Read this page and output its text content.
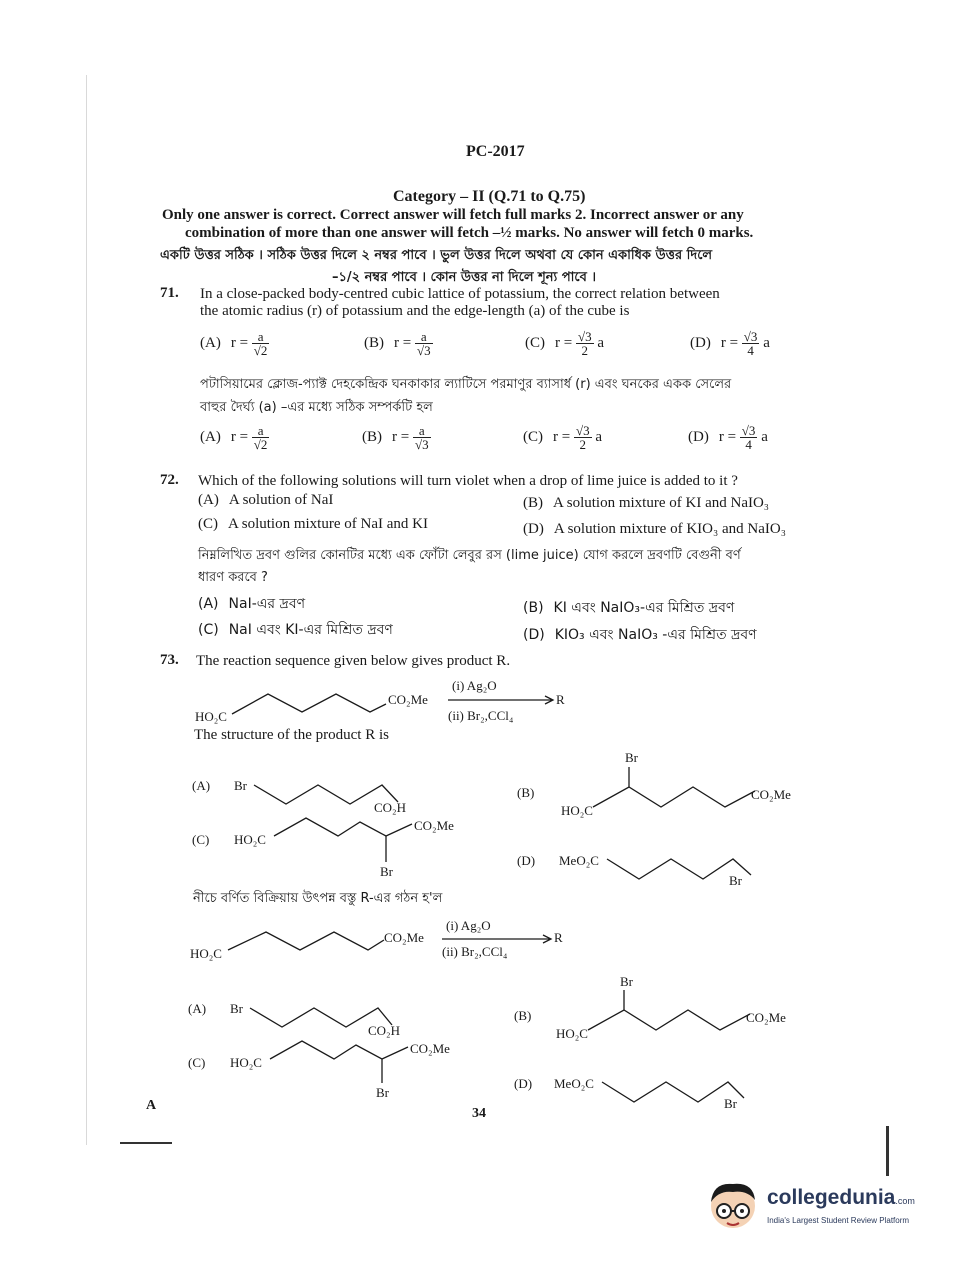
PC-2017
Category – II (Q.71 to Q.75)
Only one answer is correct. Correct answer will fetch full marks 2. Incorrect answer or any
combination of more than one answer will fetch –½ marks. No answer will fetch 0 marks.
একটি উত্তর সঠিক । সঠিক উত্তর দিলে ২ নম্বর পাবে । ভুল উত্তর দিলে অথবা যে কোন একাধিক উত্তর দিলে
–১/২ নম্বর পাবে । কোন উত্তর না দিলে শূন্য পাবে ।
71. In a close-packed body-centred cubic lattice of potassium, the correct relation between
the atomic radius (r) of potassium and the edge-length (a) of the cube is
(A) $r = \frac{a}{√2}$	(B) $r = \frac{a}{√3}$	(C) $r = \frac{√3}{2}$ a	(D) $r = \frac{√3}{4}$ a
পটাসিয়ামের ক্লোজ-প্যাক্ট দেহকেন্দ্রিক ঘনকাকার ল্যাটিসে পরমাণুর ব্যাসার্ধ (r) এবং ঘনকের একক সেলের
বাহুর দৈর্ঘ্য (a) –এর মধ্যে সঠিক সম্পর্কটি হল
(A) $r = \frac{a}{√2}$	(B) $r = \frac{a}{√3}$	(C) $r = \frac{√3}{2}$ a	(D) $r = \frac{√3}{4}$ a
72. Which of the following solutions will turn violet when a drop of lime juice is added to it ?
(A) A solution of NaI	(B) A solution mixture of KI and NaIO₃
(C) A solution mixture of NaI and KI	(D) A solution mixture of KIO₃ and NaIO₃
নিম্নলিখিত দ্রবণ গুলির কোনটির মধ্যে এক ফোঁটা লেবুর রস (lime juice) যোগ করলে দ্রবণটি বেগুনী বর্ণ
ধারণ করবে ?
(A) NaI-এর দ্রবণ	(B) KI এবং NaIO₃-এর মিশ্রিত দ্রবণ
(C) NaI এবং KI-এর মিশ্রিত দ্রবণ	(D) KIO₃ এবং NaIO₃ -এর মিশ্রিত দ্রবণ
73. The reaction sequence given below gives product R.
HO₂C
CO₂Me
(i) Ag₂O
R
(ii) Br₂,CCl₄
The structure of the product R is
(A) Br
CO₂H
(C) HO₂C
CO₂Me
Br
(B)
Br
HO₂C
CO₂Me
(D) MeO₂C
Br
নীচে বর্ণিত বিক্রিয়ায় উৎপন্ন বস্তু R-এর গঠন হ'ল
HO₂C
CO₂Me
(i) Ag₂O
R
(ii) Br₂,CCl₄
(A) Br
CO₂H
(C) HO₂C
CO₂Me
Br
(B)
Br
HO₂C
CO₂Me
(D) MeO₂C
Br
A
34
collegedunia.com
India's Largest Student Review Platform
